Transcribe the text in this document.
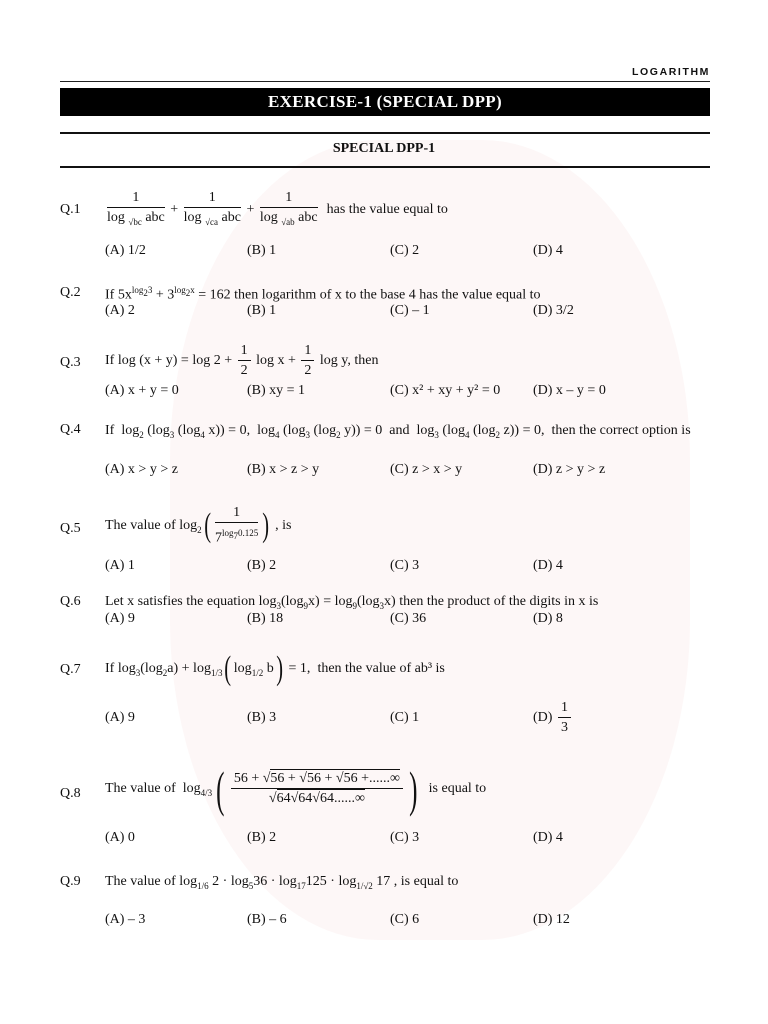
LOGARITHM
EXERCISE-1 (SPECIAL DPP)
SPECIAL DPP-1
$Q.1 \frac{1}{\log _{√bc} abc} + \frac{1}{\log _{√ca} abc} + \frac{1}{\log _{√ab} abc}$ has the value equal to
(A) 1/2	(B) 1	(C) 2	(D) 4
Q.2 If $5x^{log_23} + 3^{log_2x} = 162$ then logarithm of x to the base 4 has the value equal to
(A) 2	(B) 1	(C) – 1	(D) 3/2
Q.3 If $\log (x + y) = \log 2 + \frac{1}{2}$ $\log x + \frac{1}{2}$ log y, then
(A) x + y = 0	(B) xy = 1	(C) x² + xy + y² = 0 (D) x – y = 0
Q.4 If  $\log_2 (\log_3$ ($\log_4$ x)) = 0,  $\log_4 (\log_3$ ($\log_2$ y)) = 0  and  $\log_3 (\log_4$ ($\log_2$ z)) = 0,  then the correct option is
(A) x > y > z	(B) x > z > y	(C) z > x > y	(D) z > y > z
Q.5 The value of $\log_2( \frac{1}{7^{log_70.125}}$ ) , is
(A) 1	(B) 2	(C) 3	(D) 4
Q.6 Let x satisfies the equation $\log_3(\log_9x) = \log_9(\log_3x)$ then the product of the digits in x is
(A) 9	(B) 18	(C) 36	(D) 8
Q.7 If $\log_3(\log_2a) + \log_{1/3}$( $\log_{1/2} b) = 1$,  then the value of ab³ is
(A) 9	(B) 3	(C) 1	$(D) \frac{1}{3}$
Q.8 The value of  $\log_{4/3}( \frac{56 + √56 + √56 + √56 +......\infty}{√64√64√64......\infty}$ ) is equal to
(A) 0	(B) 2	(C) 3	(D) 4
Q.9 The value of $\log_{1/6} 2 \cdot \log_536 \cdot \log_{17}125 \cdot \log_{1/√2} 17$ , is equal to
(A) – 3	(B) – 6	(C) 6	(D) 12
